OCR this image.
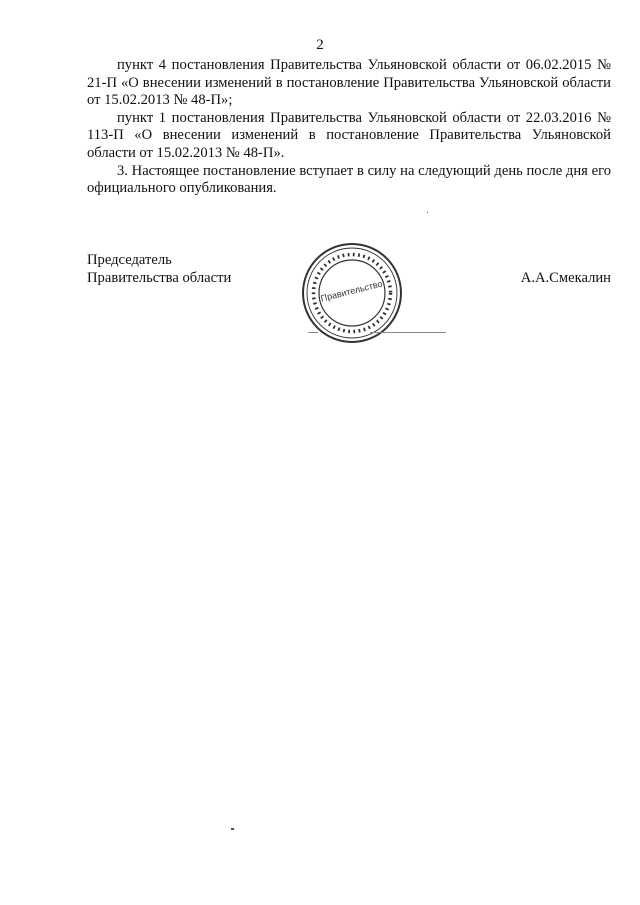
2

пункт 4 постановления Правительства Ульяновской области от 06.02.2015 № 21-П «О внесении изменений в постановление Правительства Ульяновской области от 15.02.2013 № 48-П»;

пункт 1 постановления Правительства Ульяновской области от 22.03.2016 № 113-П «О внесении изменений в постановление Правительства Ульяновской области от 15.02.2013 № 48-П».

3. Настоящее постановление вступает в силу на следующий день после дня его официального опубликования.

Председатель
Правительства области
Правительство
А.А.Смекалин
